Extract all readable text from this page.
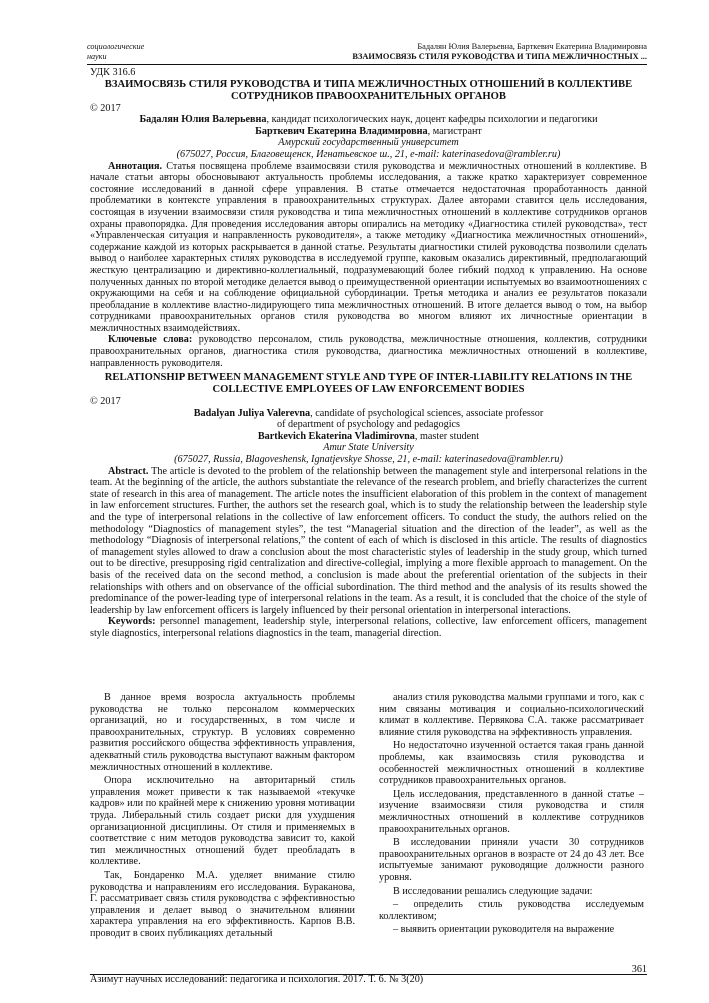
социологические
науки
Бадалян Юлия Валерьевна, Барткевич Екатерина Владимировна
ВЗАИМОСВЯЗЬ СТИЛЯ РУКОВОДСТВА И ТИПА МЕЖЛИЧНОСТНЫХ ...

УДК 316.6

ВЗАИМОСВЯЗЬ СТИЛЯ РУКОВОДСТВА И ТИПА МЕЖЛИЧНОСТНЫХ ОТНОШЕНИЙ В КОЛЛЕКТИВЕ СОТРУДНИКОВ ПРАВООХРАНИТЕЛЬНЫХ ОРГАНОВ

© 2017

Бадалян Юлия Валерьевна, кандидат психологических наук, доцент кафедры психологии и педагогики

Барткевич Екатерина Владимировна, магистрант

Амурский государственный университет

(675027, Россия, Благовещенск, Игнатьевское ш., 21, e-mail: katerinasedova@rambler.ru)

Аннотация. Статья посвящена проблеме взаимосвязи стиля руководства и межличностных отношений в коллективе. В начале статьи авторы обосновывают актуальность проблемы исследования, а также кратко характеризует современное состояние исследований в данной сфере управления. В статье отмечается недостаточная проработанность данной проблематики в контексте управления в правоохранительных структурах. Далее авторами ставится цель исследования, состоящая в изучении взаимосвязи стиля руководства и типа межличностных отношений в коллективе сотрудников органов охраны правопорядка. Для проведения исследования авторы опирались на методику «Диагностика стилей руководства», тест «Управленческая ситуация и направленность руководителя», а также методику «Диагностика межличностных отношений», содержание каждой из которых раскрывается в данной статье. Результаты диагностики стилей руководства позволили сделать вывод о наиболее характерных стилях руководства в исследуемой группе, каковым оказались директивный, предполагающий жесткую централизацию и директивно-коллегиальный, подразумевающий более гибкий подход к управлению. На основе полученных данных по второй методике делается вывод о преимущественной ориентации испытуемых во взаимоотношениях с окружающими на себя и на соблюдение официальной субординации. Третья методика и анализ ее результатов показали преобладание в коллективе властно-лидирующего типа межличностных отношений. В итоге делается вывод о том, на выбор сотрудниками правоохранительных органов стиля руководства во многом влияют их личностные ориентации в межличностных взаимодействиях.

Ключевые слова: руководство персоналом, стиль руководства, межличностные отношения, коллектив, сотрудники правоохранительных органов, диагностика стиля руководства, диагностика межличностных отношений в коллективе, направленность руководителя.

RELATIONSHIP BETWEEN MANAGEMENT STYLE AND TYPE OF INTER-LIABILITY RELATIONS IN THE COLLECTIVE EMPLOYEES OF LAW ENFORCEMENT BODIES

© 2017

Badalyan Juliya Valerevna, candidate of psychological sciences, associate professor

of department of psychology and pedagogics

Bartkevich Ekaterina Vladimirovna, master student

Amur State University

(675027, Russia, Blagoveshensk, Ignatjevskye Shosse, 21, e-mail: katerinasedova@rambler.ru)

Abstract. The article is devoted to the problem of the relationship between the management style and interpersonal relations in the team. At the beginning of the article, the authors substantiate the relevance of the research problem, and briefly characterizes the current state of research in this area of management. The article notes the insufficient elaboration of this problem in the context of management in law enforcement structures. Further, the authors set the research goal, which is to study the relationship between the leadership style and the type of interpersonal relations in the collective of law enforcement officers. To conduct the study, the authors relied on the methodology “Diagnostics of management styles”, the test “Managerial situation and the direction of the leader”, as well as the methodology “Diagnosis of interpersonal relations,” the content of each of which is disclosed in this article. The results of diagnostics of management styles allowed to draw a conclusion about the most characteristic styles of leadership in the study group, which turned out to be directive, presupposing rigid centralization and directive-collegial, implying a more flexible approach to management. On the basis of the received data on the second method, a conclusion is made about the preferential orientation of the subjects in their relationships with others and on observance of the official subordination. The third method and the analysis of its results showed the predominance of the power-leading type of interpersonal relations in the team. As a result, it is concluded that the choice of the style of leadership by law enforcement officers is largely influenced by their personal orientation in interpersonal interactions.

Keywords: personnel management, leadership style, interpersonal relations, collective, law enforcement officers, management style diagnostics, interpersonal relations diagnostics in the team, managerial direction.

В данное время возросла актуальность проблемы руководства не только персоналом коммерческих организаций, но и государственных, в том числе и правоохранительных, структур. В условиях современно развития российского общества эффективность управления, адекватный стиль руководства выступают важным фактором межличностных отношений в коллективе.

Опора исключительно на авторитарный стиль управления может привести к так называемой «текучке кадров» или по крайней мере к снижению уровня мотивации труда. Либеральный стиль создает риски для ухудшения организационной дисциплины. От стиля и применяемых в соответствие с ним методов руководства зависит то, какой тип межличностных отношений будет преобладать в коллективе.

Так, Бондаренко М.А. уделяет внимание стилю руководства и направлениям его исследования. Бураканова, Г. рассматривает связь стиля руководства с эффективностью управления и делает вывод о значительном влиянии характера управления на его эффективность. Карпов В.В. проводит в своих публикациях детальный

анализ стиля руководства малыми группами и того, как с ним связаны мотивация и социально-психологический климат в коллективе. Первякова С.А. также рассматривает влияние стиля руководства на эффективность управления.

Но недостаточно изученной остается такая грань данной проблемы, как взаимосвязь стиля руководства и особенностей межличностных отношений в коллективе сотрудников правоохранительных органов.

Цель исследования, представленного в данной статье – изучение взаимосвязи стиля руководства и стиля межличностных отношений в коллективе сотрудников правоохранительных органов.

В исследовании приняли участи 30 сотрудников правоохранительных органов в возрасте от 24 до 43 лет. Все испытуемые занимают руководящие должности разного уровня.

В исследовании решались следующие задачи:

– определить стиль руководства исследуемым коллективом;

– выявить ориентации руководителя на выражение

361
Азимут научных исследований: педагогика и психология. 2017. Т. 6. № 3(20)
